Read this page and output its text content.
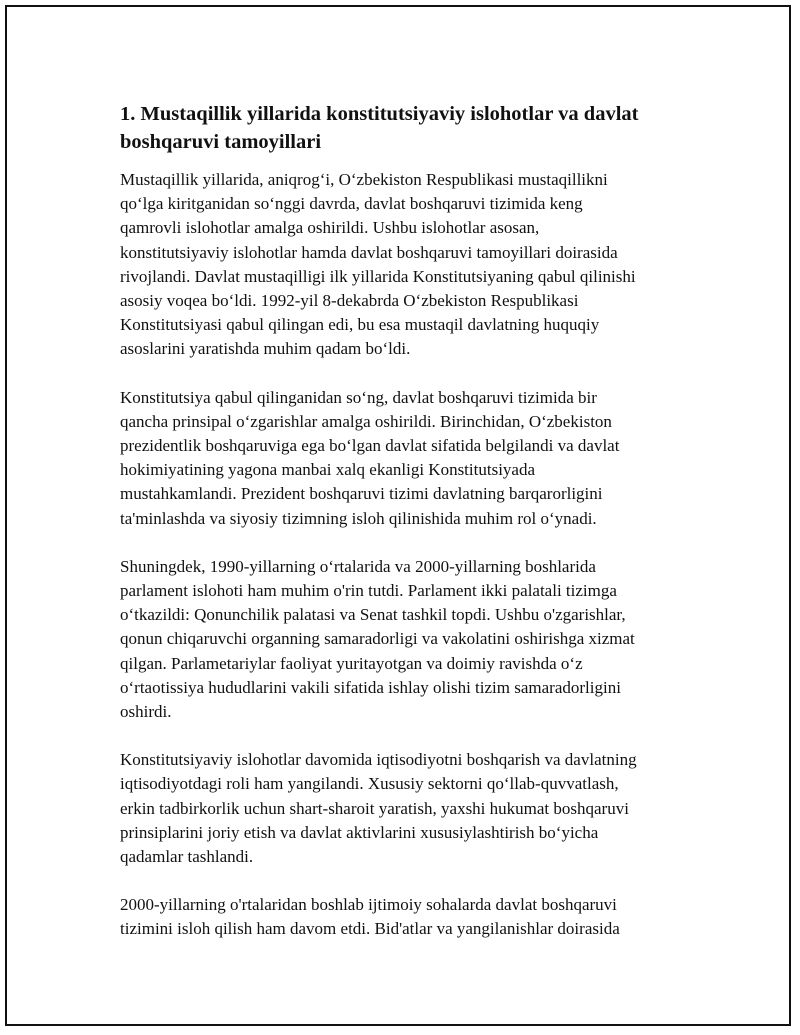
1. Mustaqillik yillarida konstitutsiyaviy islohotlar va davlat
boshqaruvi tamoyillari

Mustaqillik yillarida, aniqrog‘i, O‘zbekiston Respublikasi mustaqillikni
qo‘lga kiritganidan so‘nggi davrda, davlat boshqaruvi tizimida keng
qamrovli islohotlar amalga oshirildi. Ushbu islohotlar asosan,
konstitutsiyaviy islohotlar hamda davlat boshqaruvi tamoyillari doirasida
rivojlandi. Davlat mustaqilligi ilk yillarida Konstitutsiyaning qabul qilinishi
asosiy voqea bo‘ldi. 1992-yil 8-dekabrda O‘zbekiston Respublikasi
Konstitutsiyasi qabul qilingan edi, bu esa mustaqil davlatning huquqiy
asoslarini yaratishda muhim qadam bo‘ldi.

Konstitutsiya qabul qilinganidan so‘ng, davlat boshqaruvi tizimida bir
qancha prinsipal o‘zgarishlar amalga oshirildi. Birinchidan, O‘zbekiston
prezidentlik boshqaruviga ega bo‘lgan davlat sifatida belgilandi va davlat
hokimiyatining yagona manbai xalq ekanligi Konstitutsiyada
mustahkamlandi. Prezident boshqaruvi tizimi davlatning barqarorligini
ta'minlashda va siyosiy tizimning isloh qilinishida muhim rol o‘ynadi.

Shuningdek, 1990-yillarning o‘rtalarida va 2000-yillarning boshlarida
parlament islohoti ham muhim o'rin tutdi. Parlament ikki palatali tizimga
o‘tkazildi: Qonunchilik palatasi va Senat tashkil topdi. Ushbu o'zgarishlar,
qonun chiqaruvchi organning samaradorligi va vakolatini oshirishga xizmat
qilgan. Parlametariylar faoliyat yuritayotgan va doimiy ravishda o‘z
o‘rtaotissiya hududlarini vakili sifatida ishlay olishi tizim samaradorligini
oshirdi.

Konstitutsiyaviy islohotlar davomida iqtisodiyotni boshqarish va davlatning
iqtisodiyotdagi roli ham yangilandi. Xususiy sektorni qo‘llab-quvvatlash,
erkin tadbirkorlik uchun shart-sharoit yaratish, yaxshi hukumat boshqaruvi
prinsiplarini joriy etish va davlat aktivlarini xususiylashtirish bo‘yicha
qadamlar tashlandi.

2000-yillarning o'rtalaridan boshlab ijtimoiy sohalarda davlat boshqaruvi
tizimini isloh qilish ham davom etdi. Bid'atlar va yangilanishlar doirasida
